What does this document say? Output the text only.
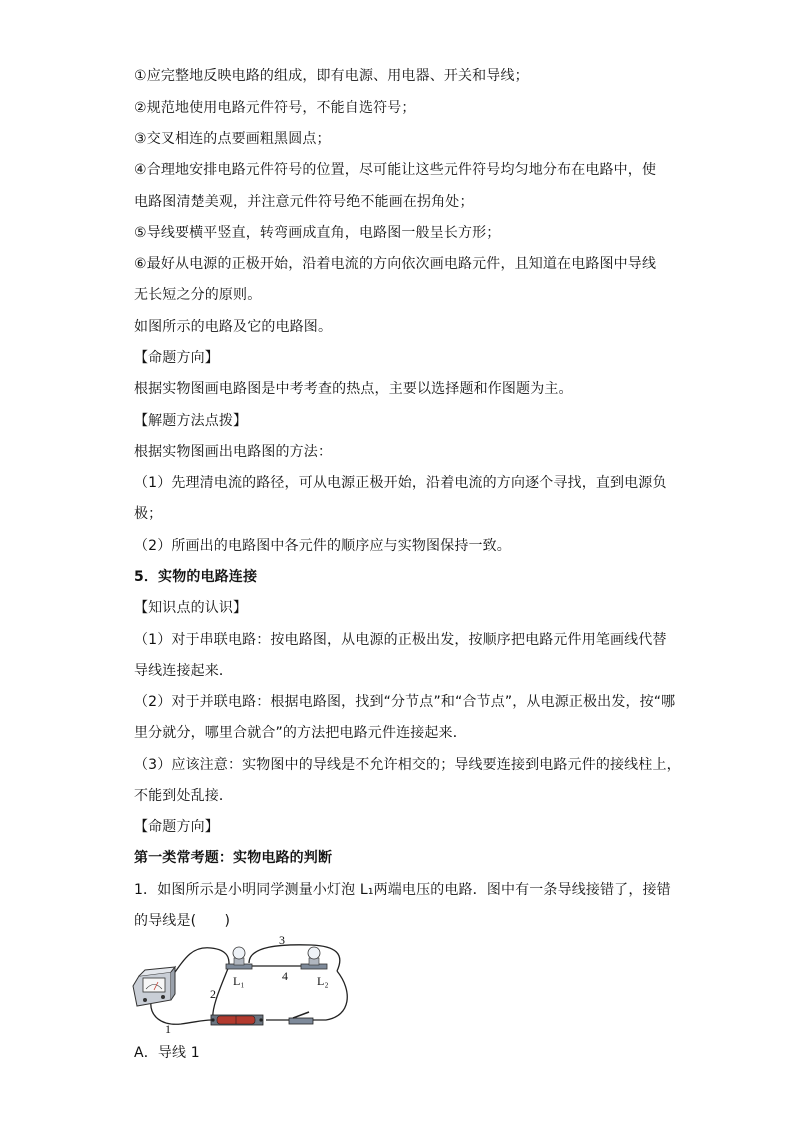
①应完整地反映电路的组成，即有电源、用电器、开关和导线；
②规范地使用电路元件符号，不能自选符号；
③交叉相连的点要画粗黑圆点；
④合理地安排电路元件符号的位置，尽可能让这些元件符号均匀地分布在电路中，使
电路图清楚美观，并注意元件符号绝不能画在拐角处；
⑤导线要横平竖直，转弯画成直角，电路图一般呈长方形；
⑥最好从电源的正极开始，沿着电流的方向依次画电路元件，且知道在电路图中导线
无长短之分的原则。
如图所示的电路及它的电路图。
【命题方向】
根据实物图画电路图是中考考查的热点，主要以选择题和作图题为主。
【解题方法点拨】
根据实物图画出电路图的方法：
（1）先理清电流的路径，可从电源正极开始，沿着电流的方向逐个寻找，直到电源负
极；
（2）所画出的电路图中各元件的顺序应与实物图保持一致。
5．实物的电路连接
【知识点的认识】
（1）对于串联电路：按电路图，从电源的正极出发，按顺序把电路元件用笔画线代替
导线连接起来．
（2）对于并联电路：根据电路图，找到“分节点”和“合节点”，从电源正极出发，按“哪
里分就分，哪里合就合”的方法把电路元件连接起来．
（3）应该注意：实物图中的导线是不允许相交的；导线要连接到电路元件的接线柱上，
不能到处乱接．
【命题方向】
第一类常考题：实物电路的判断
1．如图所示是小明同学测量小灯泡 L₁两端电压的电路．图中有一条导线接错了，接错
的导线是(　　)
3
4
2
1
L₁	L₂
A．导线 1
